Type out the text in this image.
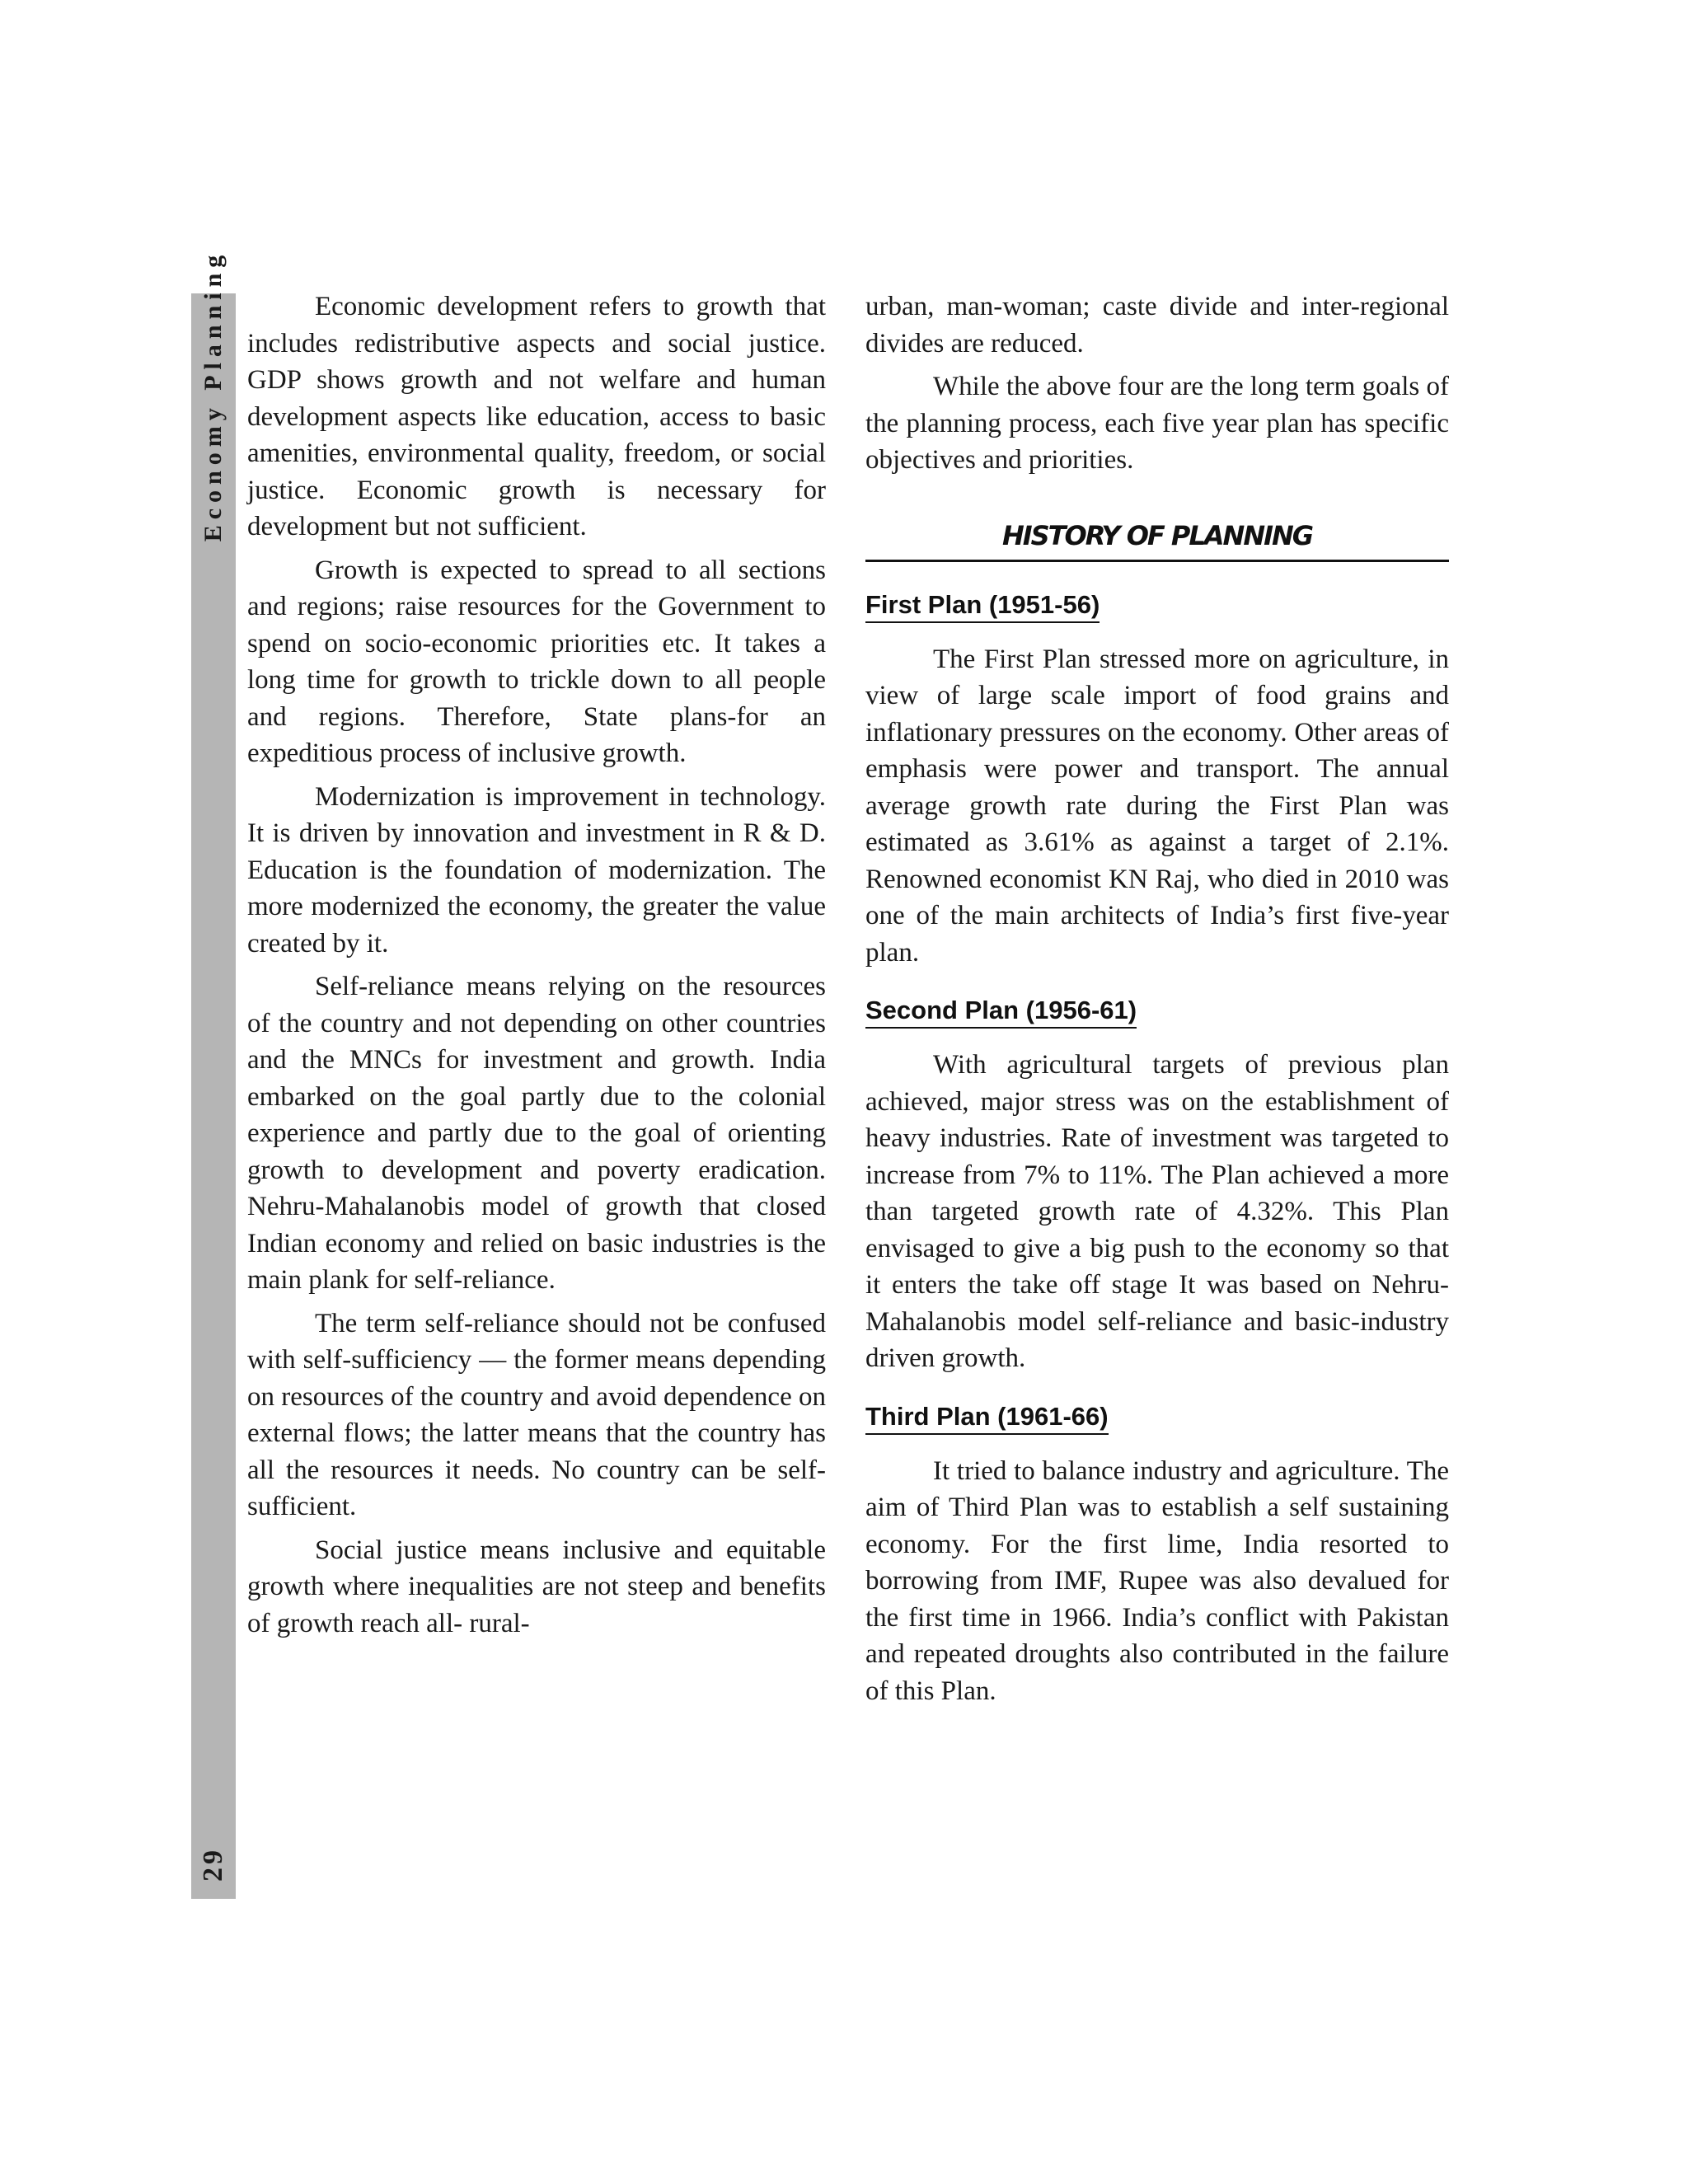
Economy Planning
29

Economic development refers to growth that includes redistributive aspects and social justice. GDP shows growth and not welfare and human development aspects like education, access to basic amenities, environmental quality, freedom, or social justice. Economic growth is necessary for development but not sufficient.

Growth is expected to spread to all sections and regions; raise resources for the Government to spend on socio-economic priorities etc. It takes a long time for growth to trickle down to all people and regions. Therefore, State plans-for an expeditious process of inclusive growth.

Modernization is improvement in technology. It is driven by innovation and investment in R & D. Education is the foundation of modernization. The more modernized the economy, the greater the value created by it.

Self-reliance means relying on the resources of the country and not depending on other countries and the MNCs for investment and growth. India embarked on the goal partly due to the colonial experience and partly due to the goal of orienting growth to development and poverty eradication. Nehru-Mahalanobis model of growth that closed Indian economy and relied on basic industries is the main plank for self-reliance.

The term self-reliance should not be confused with self-sufficiency — the former means depending on resources of the country and avoid dependence on external flows; the latter means that the country has all the resources it needs. No country can be self-sufficient.

Social justice means inclusive and equitable growth where inequalities are not steep and benefits of growth reach all- rural-

urban, man-woman; caste divide and inter-regional divides are reduced.

While the above four are the long term goals of the planning process, each five year plan has specific objectives and priorities.

HISTORY OF PLANNING
First Plan (1951-56)

The First Plan stressed more on agriculture, in view of large scale import of food grains and inflationary pressures on the economy. Other areas of emphasis were power and transport. The annual average growth rate during the First Plan was estimated as 3.61% as against a target of 2.1%. Renowned economist KN Raj, who died in 2010 was one of the main architects of India’s first five-year plan.

Second Plan (1956-61)

With agricultural targets of previous plan achieved, major stress was on the establishment of heavy industries. Rate of investment was targeted to increase from 7% to 11%. The Plan achieved a more than targeted growth rate of 4.32%. This Plan envisaged to give a big push to the economy so that it enters the take off stage It was based on Nehru-Mahalanobis model self-reliance and basic-industry driven growth.

Third Plan (1961-66)

It tried to balance industry and agriculture. The aim of Third Plan was to establish a self sustaining economy. For the first lime, India resorted to borrowing from IMF, Rupee was also devalued for the first time in 1966. India’s conflict with Pakistan and repeated droughts also contributed in the failure of this Plan.
